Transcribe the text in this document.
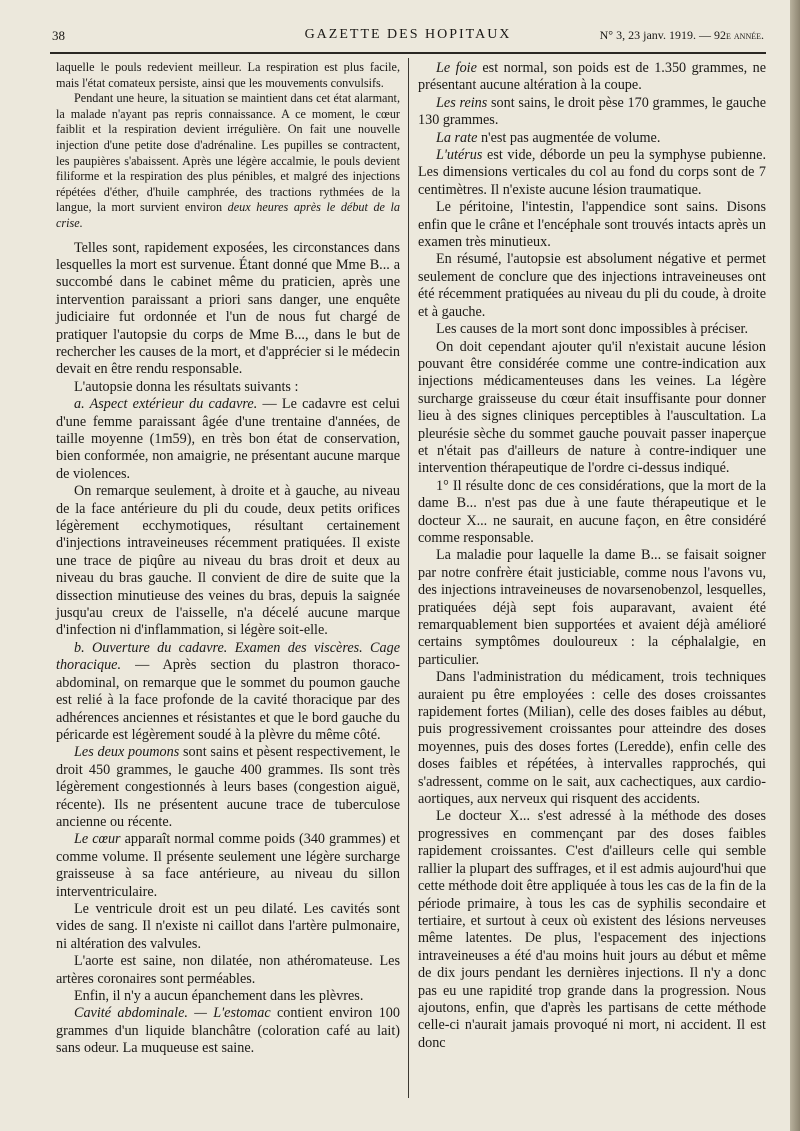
38	GAZETTE DES HOPITAUX	N° 3, 23 janv. 1919. — 92e année.

laquelle le pouls redevient meilleur. La respiration est plus facile, mais l'état comateux persiste, ainsi que les mouvements convulsifs.

Pendant une heure, la situation se maintient dans cet état alarmant, la malade n'ayant pas repris connaissance. A ce moment, le cœur faiblit et la respiration devient irrégulière. On fait une nouvelle injection d'une petite dose d'adrénaline. Les pupilles se contractent, les paupières s'abaissent. Après une légère accalmie, le pouls devient filiforme et la respiration des plus pénibles, et malgré des injections répétées d'éther, d'huile camphrée, des tractions rythmées de la langue, la mort survient environ deux heures après le début de la crise.

Telles sont, rapidement exposées, les circonstances dans lesquelles la mort est survenue. Étant donné que Mme B... a succombé dans le cabinet même du praticien, après une intervention paraissant a priori sans danger, une enquête judiciaire fut ordonnée et l'un de nous fut chargé de pratiquer l'autopsie du corps de Mme B..., dans le but de rechercher les causes de la mort, et d'apprécier si le médecin devait en être rendu responsable.

L'autopsie donna les résultats suivants :

a. Aspect extérieur du cadavre. — Le cadavre est celui d'une femme paraissant âgée d'une trentaine d'années, de taille moyenne (1m59), en très bon état de conservation, bien conformée, non amaigrie, ne présentant aucune marque de violences.

On remarque seulement, à droite et à gauche, au niveau de la face antérieure du pli du coude, deux petits orifices légèrement ecchymotiques, résultant certainement d'injections intraveineuses récemment pratiquées. Il existe une trace de piqûre au niveau du bras droit et deux au niveau du bras gauche. Il convient de dire de suite que la dissection minutieuse des veines du bras, depuis la saignée jusqu'au creux de l'aisselle, n'a décelé aucune marque d'infection ni d'inflammation, si légère soit-elle.

b. Ouverture du cadavre. Examen des viscères. Cage thoracique. — Après section du plastron thoraco-abdominal, on remarque que le sommet du poumon gauche est relié à la face profonde de la cavité thoracique par des adhérences anciennes et résistantes et que le bord gauche du péricarde est légèrement soudé à la plèvre du même côté.

Les deux poumons sont sains et pèsent respectivement, le droit 450 grammes, le gauche 400 grammes. Ils sont très légèrement congestionnés à leurs bases (congestion aiguë, récente). Ils ne présentent aucune trace de tuberculose ancienne ou récente.

Le cœur apparaît normal comme poids (340 grammes) et comme volume. Il présente seulement une légère surcharge graisseuse à sa face antérieure, au niveau du sillon interventriculaire.

Le ventricule droit est un peu dilaté. Les cavités sont vides de sang. Il n'existe ni caillot dans l'artère pulmonaire, ni altération des valvules.

L'aorte est saine, non dilatée, non athéromateuse. Les artères coronaires sont perméables.

Enfin, il n'y a aucun épanchement dans les plèvres.

Cavité abdominale. — L'estomac contient environ 100 grammes d'un liquide blanchâtre (coloration café au lait) sans odeur. La muqueuse est saine.

Le foie est normal, son poids est de 1.350 grammes, ne présentant aucune altération à la coupe.

Les reins sont sains, le droit pèse 170 grammes, le gauche 130 grammes.

La rate n'est pas augmentée de volume.

L'utérus est vide, déborde un peu la symphyse pubienne. Les dimensions verticales du col au fond du corps sont de 7 centimètres. Il n'existe aucune lésion traumatique.

Le péritoine, l'intestin, l'appendice sont sains. Disons enfin que le crâne et l'encéphale sont trouvés intacts après un examen très minutieux.

En résumé, l'autopsie est absolument négative et permet seulement de conclure que des injections intraveineuses ont été récemment pratiquées au niveau du pli du coude, à droite et à gauche.

Les causes de la mort sont donc impossibles à préciser.

On doit cependant ajouter qu'il n'existait aucune lésion pouvant être considérée comme une contre-indication aux injections médicamenteuses dans les veines. La légère surcharge graisseuse du cœur était insuffisante pour donner lieu à des signes cliniques perceptibles à l'auscultation. La pleurésie sèche du sommet gauche pouvait passer inaperçue et n'était pas d'ailleurs de nature à contre-indiquer une intervention thérapeutique de l'ordre ci-dessus indiqué.

1° Il résulte donc de ces considérations, que la mort de la dame B... n'est pas due à une faute thérapeutique et le docteur X... ne saurait, en aucune façon, en être considéré comme responsable.

La maladie pour laquelle la dame B... se faisait soigner par notre confrère était justiciable, comme nous l'avons vu, des injections intraveineuses de novarsenobenzol, lesquelles, pratiquées déjà sept fois auparavant, avaient été remarquablement bien supportées et avaient déjà amélioré certains symptômes douloureux : la céphalalgie, en particulier.

Dans l'administration du médicament, trois techniques auraient pu être employées : celle des doses croissantes rapidement fortes (Milian), celle des doses faibles au début, puis progressivement croissantes pour atteindre des doses moyennes, puis des doses fortes (Leredde), enfin celle des doses faibles et répétées, à intervalles rapprochés, qui s'adressent, comme on le sait, aux cachectiques, aux cardio-aortiques, aux nerveux qui risquent des accidents.

Le docteur X... s'est adressé à la méthode des doses progressives en commençant par des doses faibles rapidement croissantes. C'est d'ailleurs celle qui semble rallier la plupart des suffrages, et il est admis aujourd'hui que cette méthode doit être appliquée à tous les cas de la fin de la période primaire, à tous les cas de syphilis secondaire et tertiaire, et surtout à ceux où existent des lésions nerveuses même latentes. De plus, l'espacement des injections intraveineuses a été d'au moins huit jours au début et même de dix jours pendant les dernières injections. Il n'y a donc pas eu une rapidité trop grande dans la progression. Nous ajoutons, enfin, que d'après les partisans de cette méthode celle-ci n'aurait jamais provoqué ni mort, ni accident. Il est donc
